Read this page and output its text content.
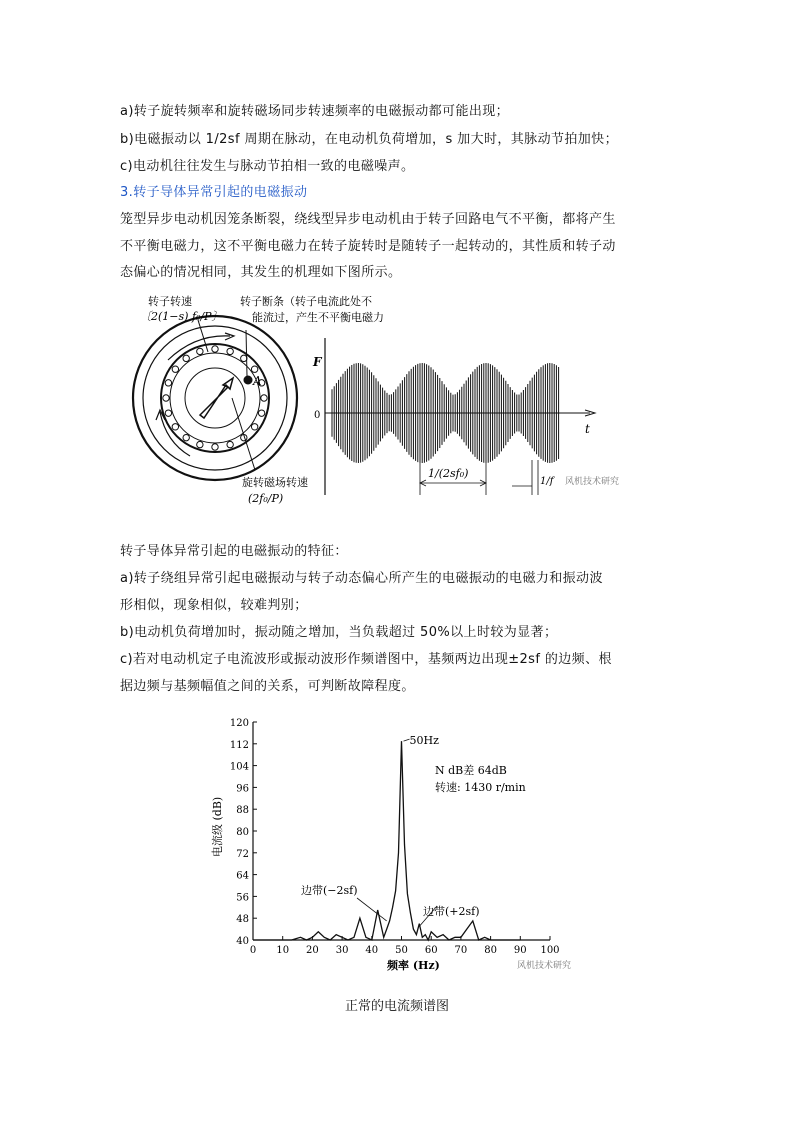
a)转子旋转频率和旋转磁场同步转速频率的电磁振动都可能出现；
b)电磁振动以 1/2sf 周期在脉动，在电动机负荷增加，s 加大时，其脉动节拍加快；
c)电动机往往发生与脉动节拍相一致的电磁噪声。
3.转子导体异常引起的电磁振动
笼型异步电动机因笼条断裂，绕线型异步电动机由于转子回路电气不平衡，都将产生
不平衡电磁力，这不平衡电磁力在转子旋转时是随转子一起转动的，其性质和转子动
态偏心的情况相同，其发生的机理如下图所示。
A
转子转速
〔2(1−s) f₀/P〕
转子断条（转子电流此处不
能流过，产生不平衡电磁力
旋转磁场转速
(2f₀/P)
F
t
0
1/(2sf₀)
1/f 风机技术研究
转子导体异常引起的电磁振动的特征：
a)转子绕组异常引起电磁振动与转子动态偏心所产生的电磁振动的电磁力和振动波
形相似，现象相似，较难判别；
b)电动机负荷增加时，振动随之增加，当负载超过 50%以上时较为显著；
c)若对电动机定子电流波形或振动波形作频谱图中，基频两边出现±2sf 的边频、根
据边频与基频幅值之间的关系，可判断故障程度。
40
48
56
64
72
80
88
96
104
112
120
0 10 20 30 40 50 60 70 80 90 100
频率 (Hz)
电流级 (dB)
50Hz
N dB差 64dB
转速: 1430 r/min
边带(−2sf)
边带(+2sf)
风机技术研究
正常的电流频谱图
